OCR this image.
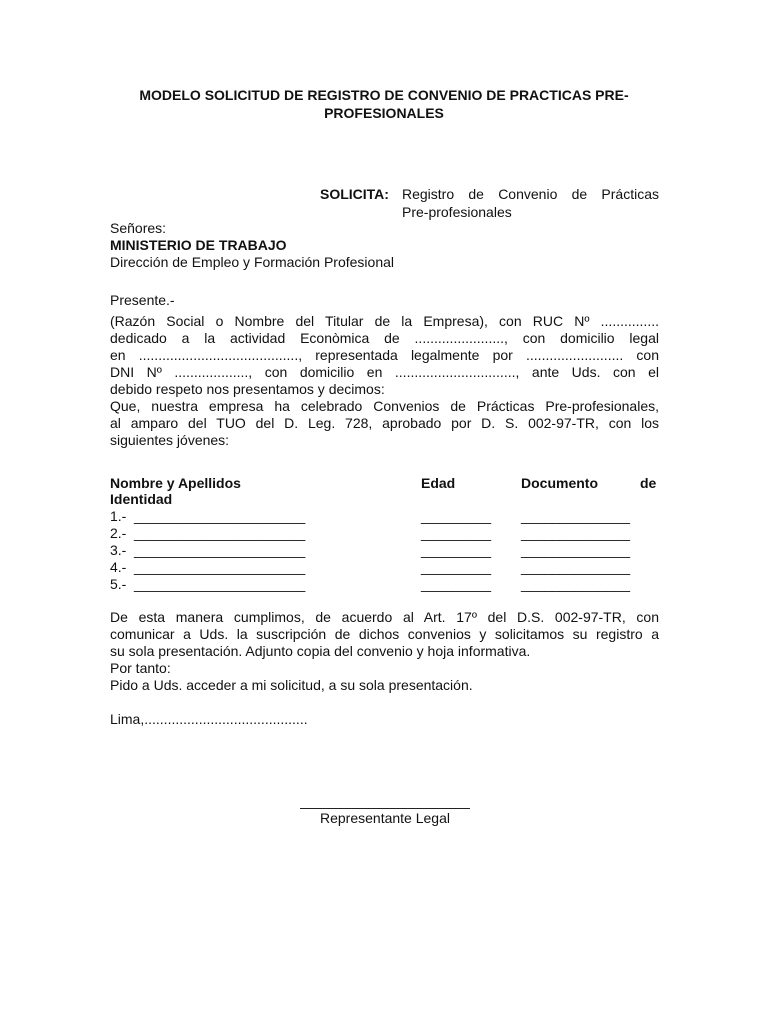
MODELO SOLICITUD DE REGISTRO DE CONVENIO DE PRACTICAS PRE-
PROFESIONALES
SOLICITA: Registro de Convenio de Prácticas
Pre-profesionales
Señores:
MINISTERIO DE TRABAJO
Dirección de Empleo y Formación Profesional
Presente.-
(Razón Social o Nombre del Titular de la Empresa), con RUC Nº ...............
dedicado a la actividad Econòmica de ......................., con domicilio legal
en ........................................., representada legalmente por ......................... con
DNI Nº ..................., con domicilio en ..............................., ante Uds. con el
debido respeto nos presentamos y decimos:
Que, nuestra empresa ha celebrado Convenios de Prácticas Pre-profesionales,
al amparo del TUO del D. Leg. 728, aprobado por D. S. 002-97-TR, con los
siguientes jóvenes:
Nombre y Apellidos	Edad	Documento	de
Identidad
1.- ______________________	_________ ______________
2.- ______________________	_________ ______________
3.- ______________________	_________ ______________
4.- ______________________	_________ ______________
5.- ______________________	_________ ______________
De esta manera cumplimos, de acuerdo al Art. 17º del D.S. 002-97-TR, con
comunicar a Uds. la suscripción de dichos convenios y solicitamos su registro a
su sola presentación. Adjunto copia del convenio y hoja informativa.
Por tanto:
Pido a Uds. acceder a mi solicitud, a su sola presentación.
Lima,..........................................
Representante Legal
